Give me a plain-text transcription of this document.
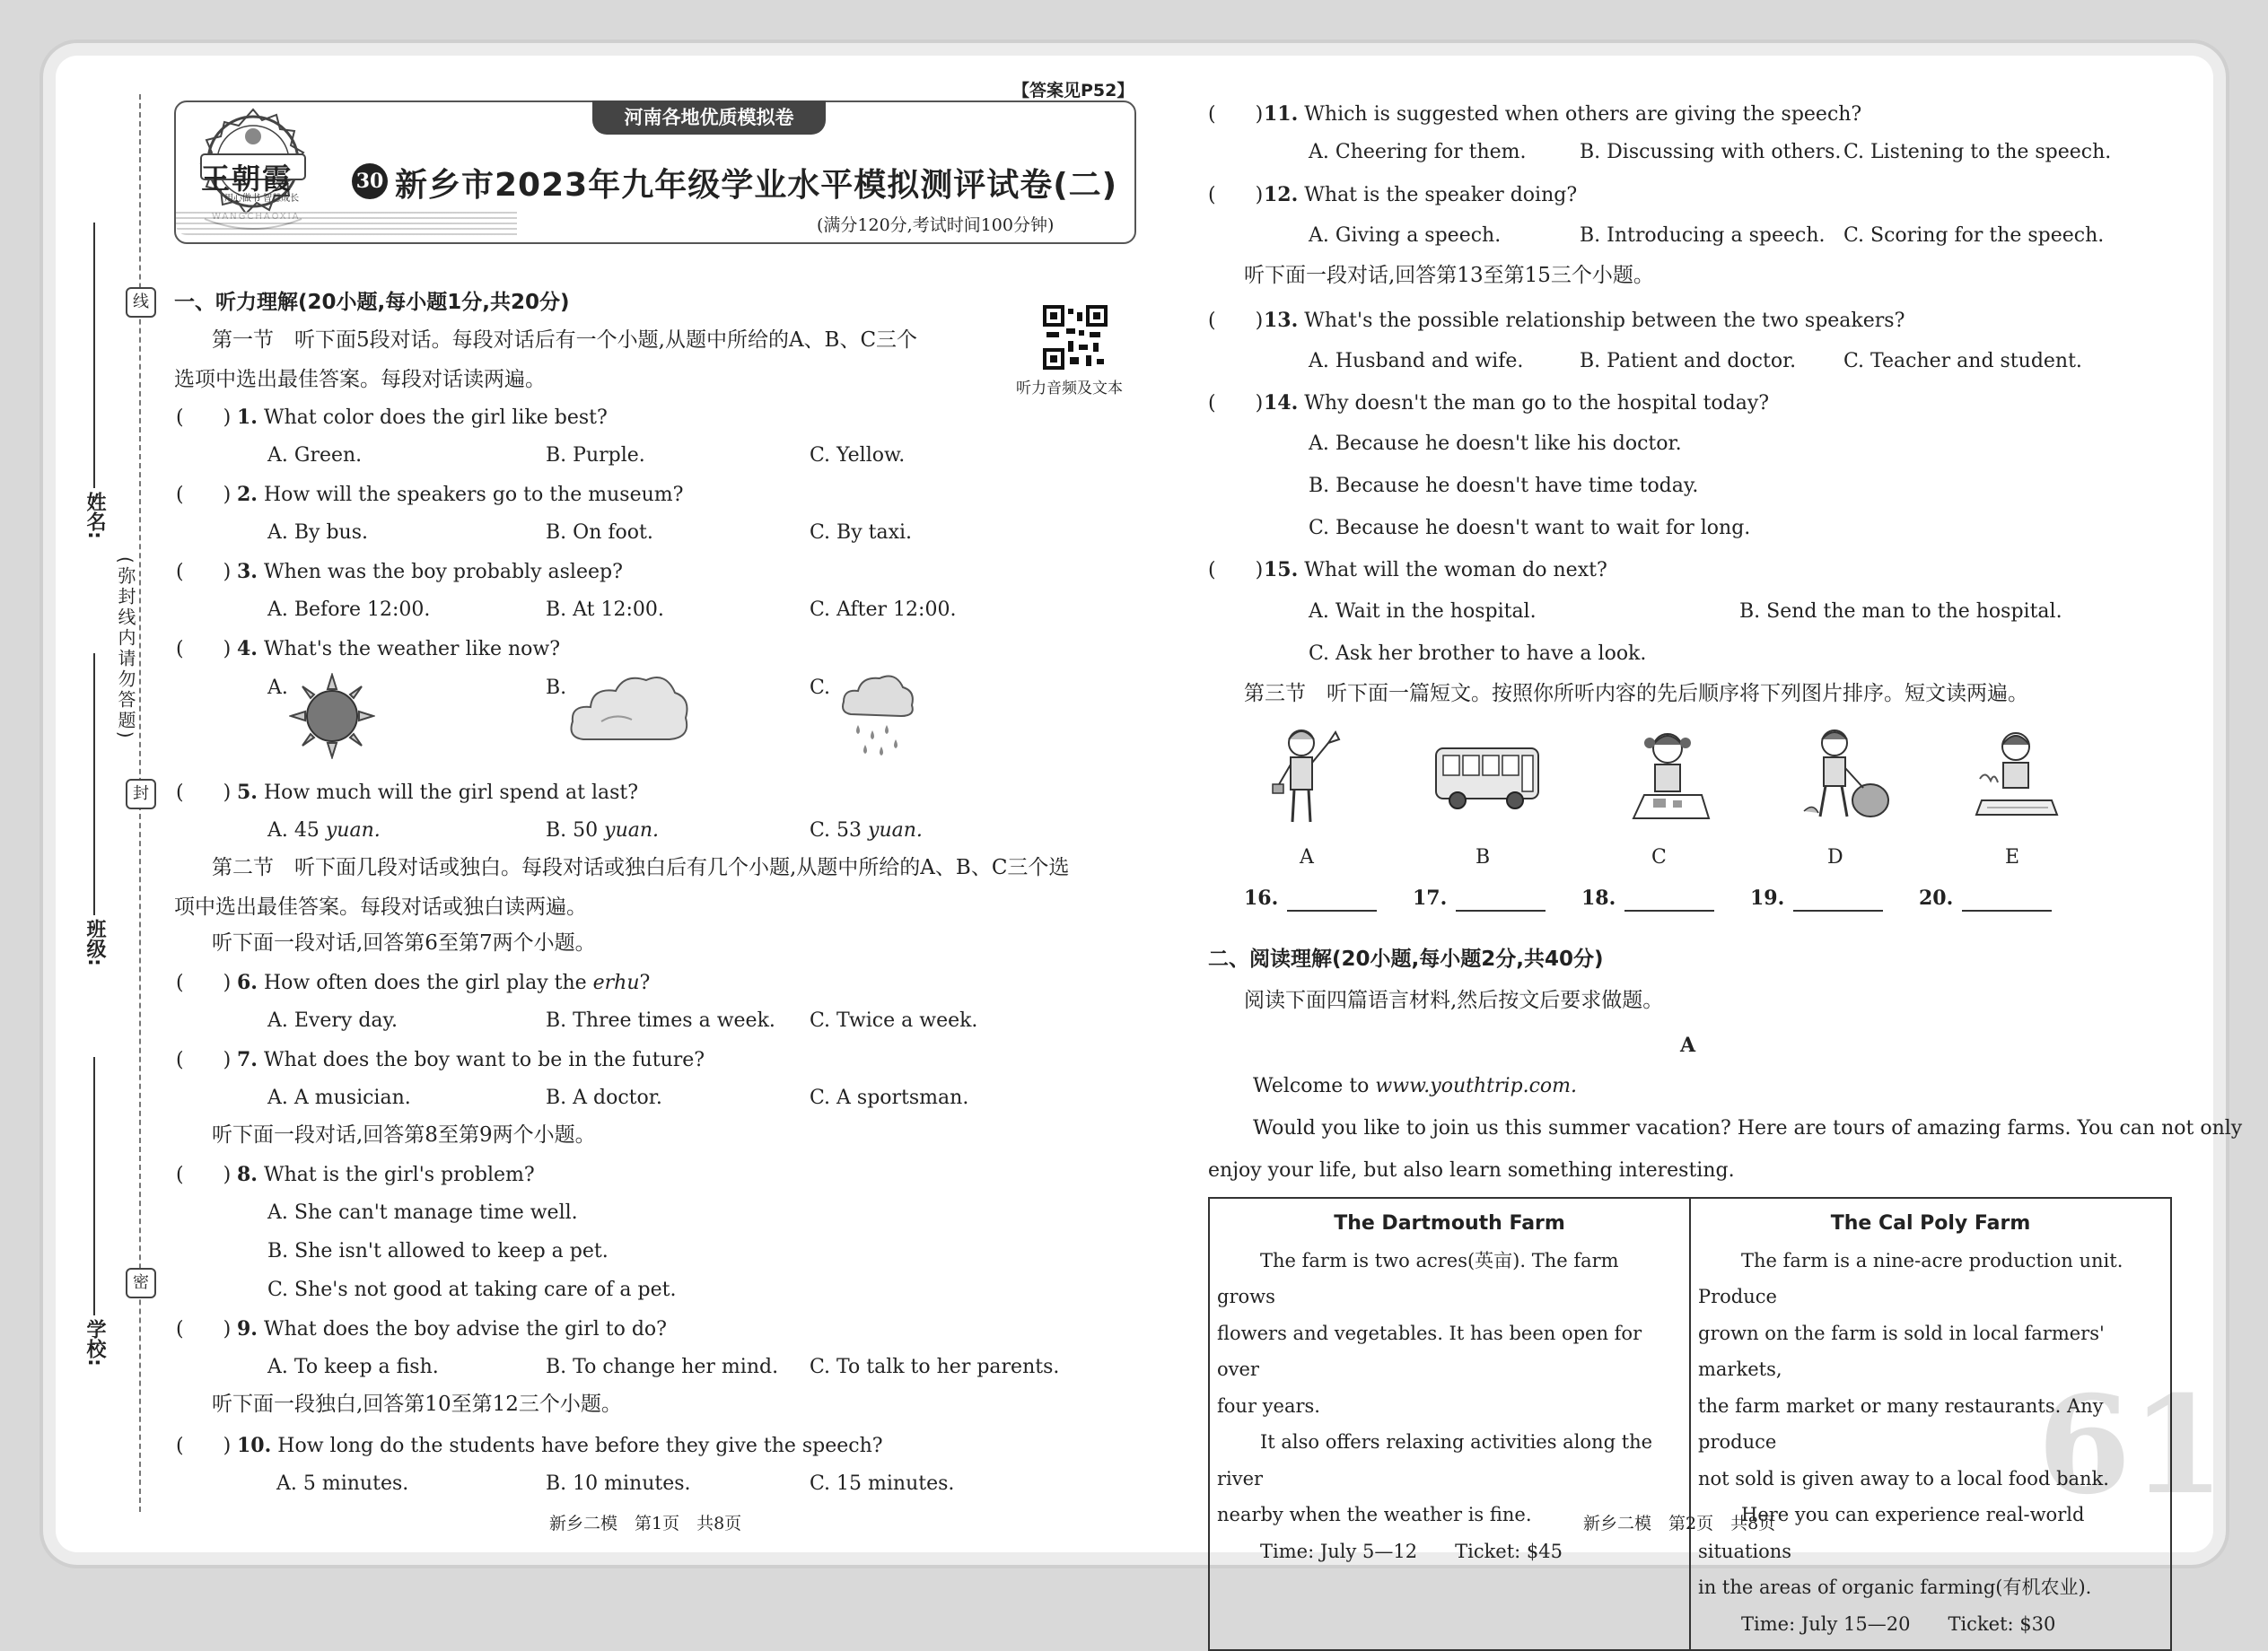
线
封
密
(弥封线内请勿答题)
姓名:
班级:
学校:
【答案见P52】
河南各地优质模拟卷
王朝霞
用心做书 智慧成长
30 新乡市2023年九年级学业水平模拟测评试卷(二)
(满分120分,考试时间100分钟)
听力音频及文本
一、听力理解(20小题,每小题1分,共20分)
第一节　听下面5段对话。每段对话后有一个小题,从题中所给的A、B、C三个
选项中选出最佳答案。每段对话读两遍。
(　　) 1. What color does the girl like best?
A. Green.	B. Purple.	C. Yellow.
(　　) 2. How will the speakers go to the museum?
A. By bus.	B. On foot.	C. By taxi.
(　　) 3. When was the boy probably asleep?
A. Before 12:00.	B. At 12:00.	C. After 12:00.
(　　) 4. What's the weather like now?
A.	B.	C.
(　　) 5. How much will the girl spend at last?
A. 45 yuan.	B. 50 yuan.	C. 53 yuan.
第二节　听下面几段对话或独白。每段对话或独白后有几个小题,从题中所给的A、B、C三个选
项中选出最佳答案。每段对话或独白读两遍。
听下面一段对话,回答第6至第7两个小题。
(　　) 6. How often does the girl play the erhu?
A. Every day.	B. Three times a week. C. Twice a week.
(　　) 7. What does the boy want to be in the future?
A. A musician.	B. A doctor.	C. A sportsman.
听下面一段对话,回答第8至第9两个小题。
(　　) 8. What is the girl's problem?
A. She can't manage time well.
B. She isn't allowed to keep a pet.
C. She's not good at taking care of a pet.
(　　) 9. What does the boy advise the girl to do?
A. To keep a fish.	B. To change her mind. C. To talk to her parents.
听下面一段独白,回答第10至第12三个小题。
(　　) 10. How long do the students have before they give the speech?
A. 5 minutes.	B. 10 minutes.	C. 15 minutes.
新乡二模　第1页　共8页
(　　) 11. Which is suggested when others are giving the speech?
A. Cheering for them.	B. Discussing with others. C. Listening to the speech.
(　　) 12. What is the speaker doing?
A. Giving a speech.	B. Introducing a speech. C. Scoring for the speech.
听下面一段对话,回答第13至第15三个小题。
(　　) 13. What's the possible relationship between the two speakers?
A. Husband and wife.	B. Patient and doctor. C. Teacher and student.
(　　) 14. Why doesn't the man go to the hospital today?
A. Because he doesn't like his doctor.
B. Because he doesn't have time today.
C. Because he doesn't want to wait for long.
(　　) 15. What will the woman do next?
A. Wait in the hospital.	B. Send the man to the hospital.
C. Ask her brother to have a look.
第三节　听下面一篇短文。按照你所听内容的先后顺序将下列图片排序。短文读两遍。
A	B	C	D	E
16.	17.	18.	19.	20.
二、阅读理解(20小题,每小题2分,共40分)
阅读下面四篇语言材料,然后按文后要求做题。
A
Welcome to www.youthtrip.com.
Would you like to join us this summer vacation? Here are tours of amazing farms. You can not only
enjoy your life, but also learn something interesting.
The Dartmouth Farm
The farm is two acres(英亩). The farm grows
flowers and vegetables. It has been open for over
four years.
It also offers relaxing activities along the river
nearby when the weather is fine.
Time: July 5—12　　Ticket: $45

The Cal Poly Farm
The farm is a nine-acre production unit. Produce
grown on the farm is sold in local farmers' markets,
the farm market or many restaurants. Any produce
not sold is given away to a local food bank.
Here you can experience real-world situations
in the areas of organic farming(有机农业).
Time: July 15—20　　Ticket: $30
61
新乡二模　第2页　共8页
